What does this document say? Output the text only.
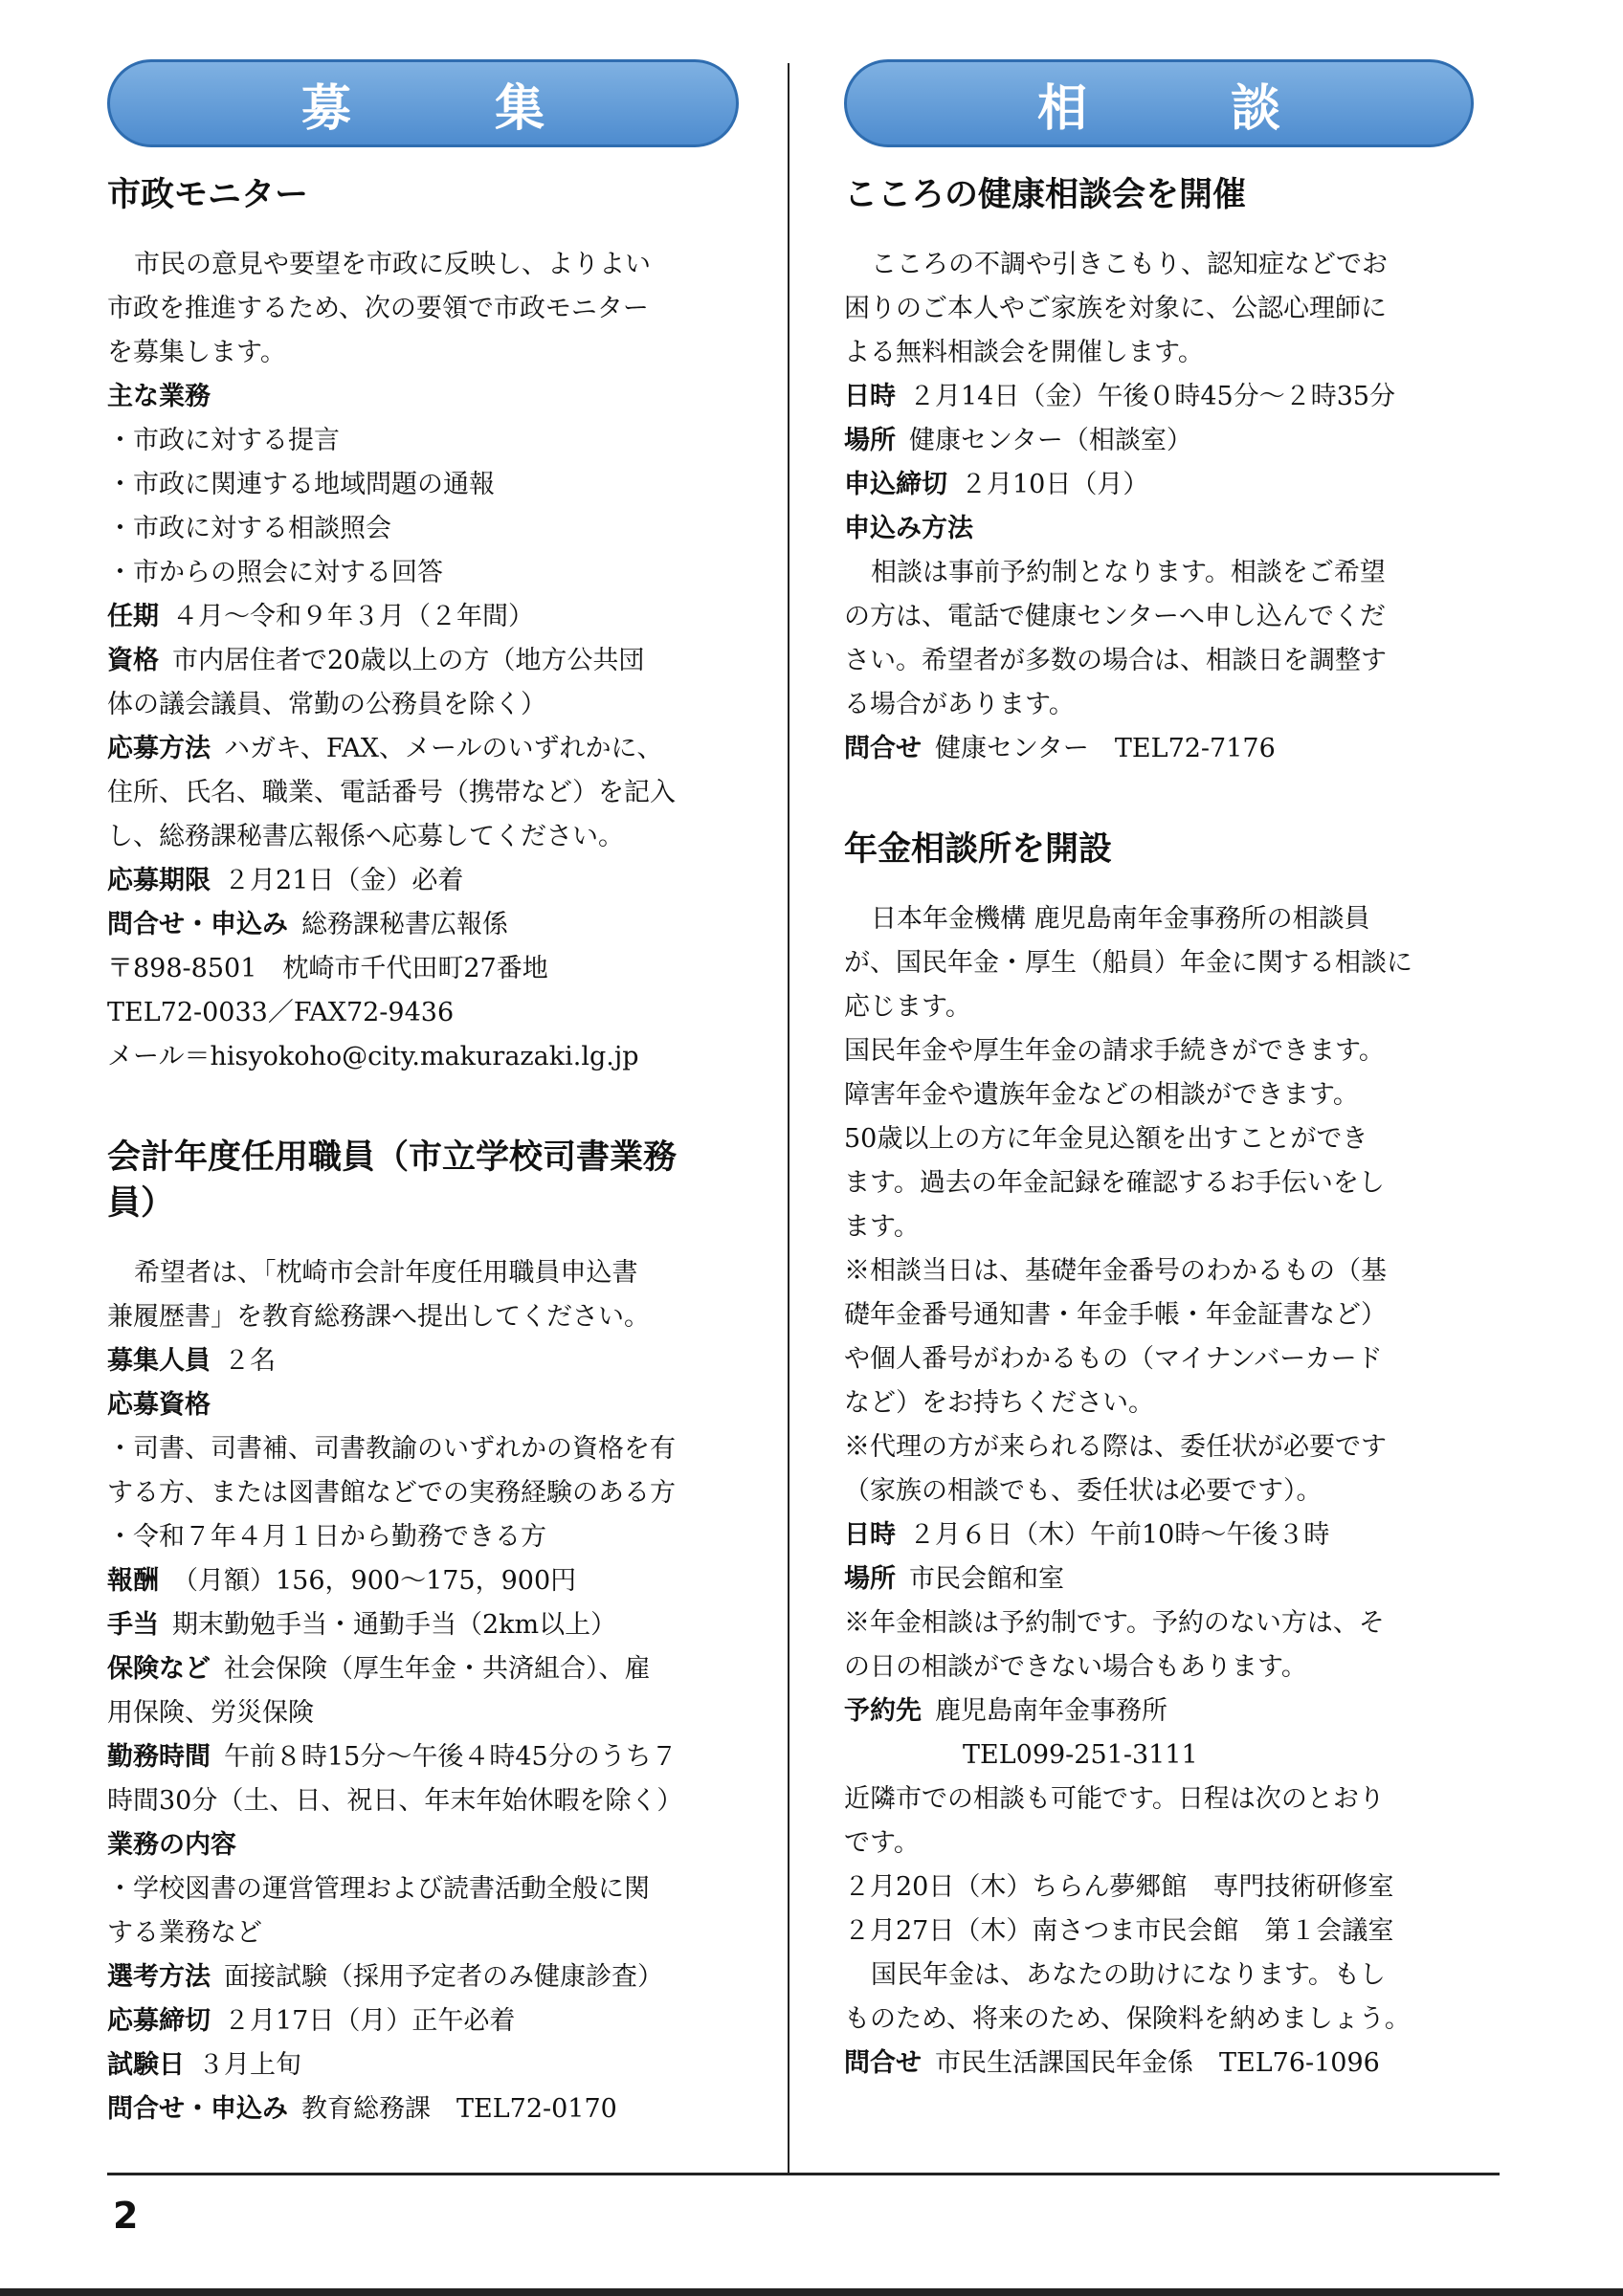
募	集
市政モニター
市民の意見や要望を市政に反映し、よりよい
市政を推進するため、次の要領で市政モニター
を募集します。
主な業務
・市政に対する提言
・市政に関連する地域問題の通報
・市政に対する相談照会
・市からの照会に対する回答
任期 ４月～令和９年３月（２年間）
資格 市内居住者で20歳以上の方（地方公共団
体の議会議員、常勤の公務員を除く）
応募方法 ハガキ、FAX、メールのいずれかに、
住所、氏名、職業、電話番号（携帯など）を記入
し、総務課秘書広報係へ応募してください。
応募期限 ２月21日（金）必着
問合せ・申込み 総務課秘書広報係
〒898-8501　枕崎市千代田町27番地
TEL72-0033／FAX72-9436
メール＝hisyokoho@city.makurazaki.lg.jp
会計年度任用職員（市立学校司書業務
員）
希望者は、「枕崎市会計年度任用職員申込書
兼履歴書」を教育総務課へ提出してください。
募集人員 ２名
応募資格
・司書、司書補、司書教諭のいずれかの資格を有
する方、または図書館などでの実務経験のある方
・令和７年４月１日から勤務できる方
報酬 （月額）156，900～175，900円
手当 期末勤勉手当・通勤手当（2km以上）
保険など 社会保険（厚生年金・共済組合）、雇
用保険、労災保険
勤務時間 午前８時15分～午後４時45分のうち７
時間30分（土、日、祝日、年末年始休暇を除く）
業務の内容
・学校図書の運営管理および読書活動全般に関
する業務など
選考方法 面接試験（採用予定者のみ健康診査）
応募締切 ２月17日（月）正午必着
試験日 ３月上旬
問合せ・申込み 教育総務課　TEL72-0170
相	談
こころの健康相談会を開催
こころの不調や引きこもり、認知症などでお
困りのご本人やご家族を対象に、公認心理師に
よる無料相談会を開催します。
日時 ２月14日（金）午後０時45分～２時35分
場所 健康センター（相談室）
申込締切 ２月10日（月）
申込み方法
相談は事前予約制となります。相談をご希望
の方は、電話で健康センターへ申し込んでくだ
さい。希望者が多数の場合は、相談日を調整す
る場合があります。
問合せ 健康センター　TEL72-7176
年金相談所を開設
日本年金機構 鹿児島南年金事務所の相談員
が、国民年金・厚生（船員）年金に関する相談に
応じます。
国民年金や厚生年金の請求手続きができます。
障害年金や遺族年金などの相談ができます。
50歳以上の方に年金見込額を出すことができ
ます。過去の年金記録を確認するお手伝いをし
ます。
※相談当日は、基礎年金番号のわかるもの（基
礎年金番号通知書・年金手帳・年金証書など）
や個人番号がわかるもの（マイナンバーカード
など）をお持ちください。
※代理の方が来られる際は、委任状が必要です
（家族の相談でも、委任状は必要です）。
日時 ２月６日（木）午前10時～午後３時
場所 市民会館和室
※年金相談は予約制です。予約のない方は、そ
の日の相談ができない場合もあります。
予約先 鹿児島南年金事務所
TEL099-251-3111
近隣市での相談も可能です。日程は次のとおり
です。
２月20日（木）ちらん夢郷館　専門技術研修室
２月27日（木）南さつま市民会館　第１会議室
国民年金は、あなたの助けになります。もし
ものため、将来のため、保険料を納めましょう。
問合せ 市民生活課国民年金係　TEL76-1096
2
